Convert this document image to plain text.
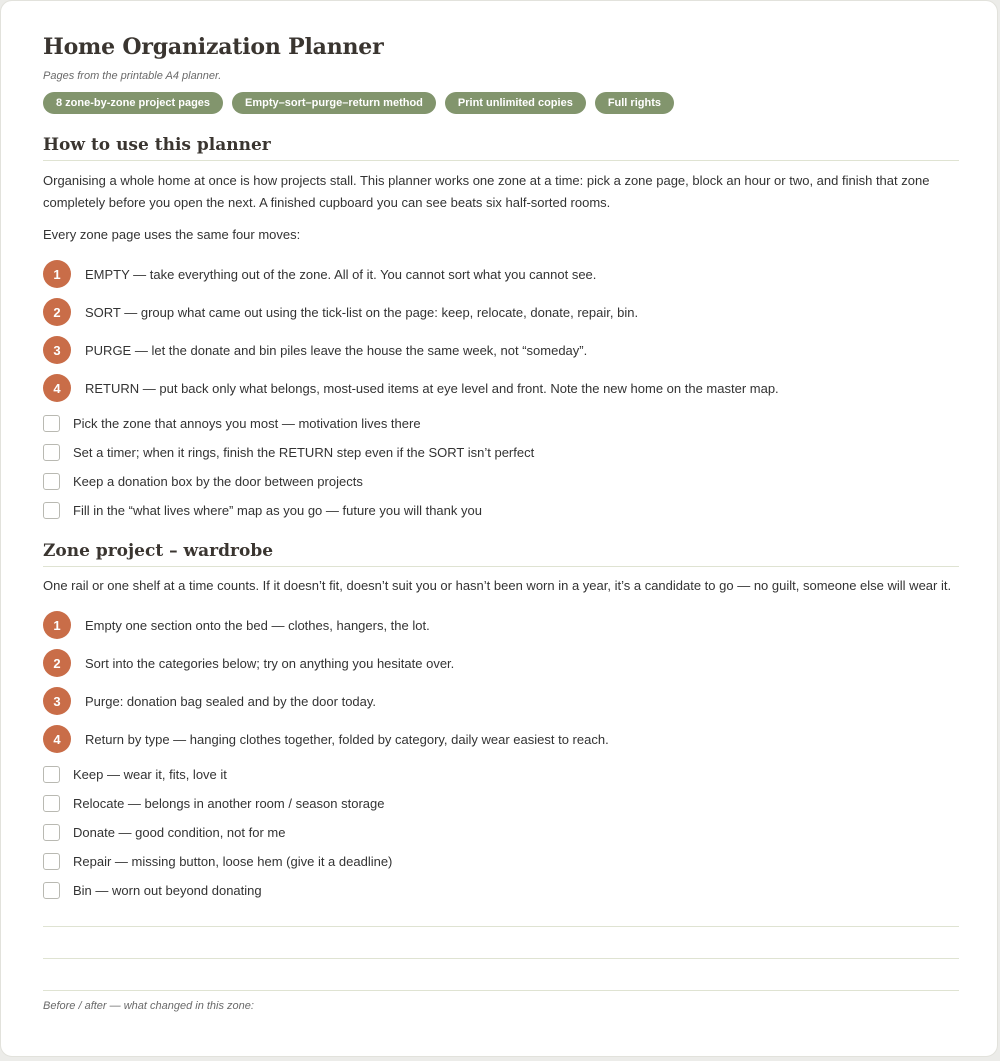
Home Organization Planner
Pages from the printable A4 planner.
8 zone-by-zone project pages	Empty–sort–purge–return method	Print unlimited copies	Full rights
How to use this planner
Organising a whole home at once is how projects stall. This planner works one zone at a time: pick a zone page, block an hour or two, and finish that zone completely before you open the next. A finished cupboard you can see beats six half-sorted rooms.
Every zone page uses the same four moves:
1	EMPTY — take everything out of the zone. All of it. You cannot sort what you cannot see.
2	SORT — group what came out using the tick-list on the page: keep, relocate, donate, repair, bin.
3	PURGE — let the donate and bin piles leave the house the same week, not “someday”.
4	RETURN — put back only what belongs, most-used items at eye level and front. Note the new home on the master map.
Pick the zone that annoys you most — motivation lives there
Set a timer; when it rings, finish the RETURN step even if the SORT isn’t perfect
Keep a donation box by the door between projects
Fill in the “what lives where” map as you go — future you will thank you
Zone project – wardrobe
One rail or one shelf at a time counts. If it doesn’t fit, doesn’t suit you or hasn’t been worn in a year, it’s a candidate to go — no guilt, someone else will wear it.
1	Empty one section onto the bed — clothes, hangers, the lot.
2	Sort into the categories below; try on anything you hesitate over.
3	Purge: donation bag sealed and by the door today.
4	Return by type — hanging clothes together, folded by category, daily wear easiest to reach.
Keep — wear it, fits, love it
Relocate — belongs in another room / season storage
Donate — good condition, not for me
Repair — missing button, loose hem (give it a deadline)
Bin — worn out beyond donating
Before / after — what changed in this zone:
